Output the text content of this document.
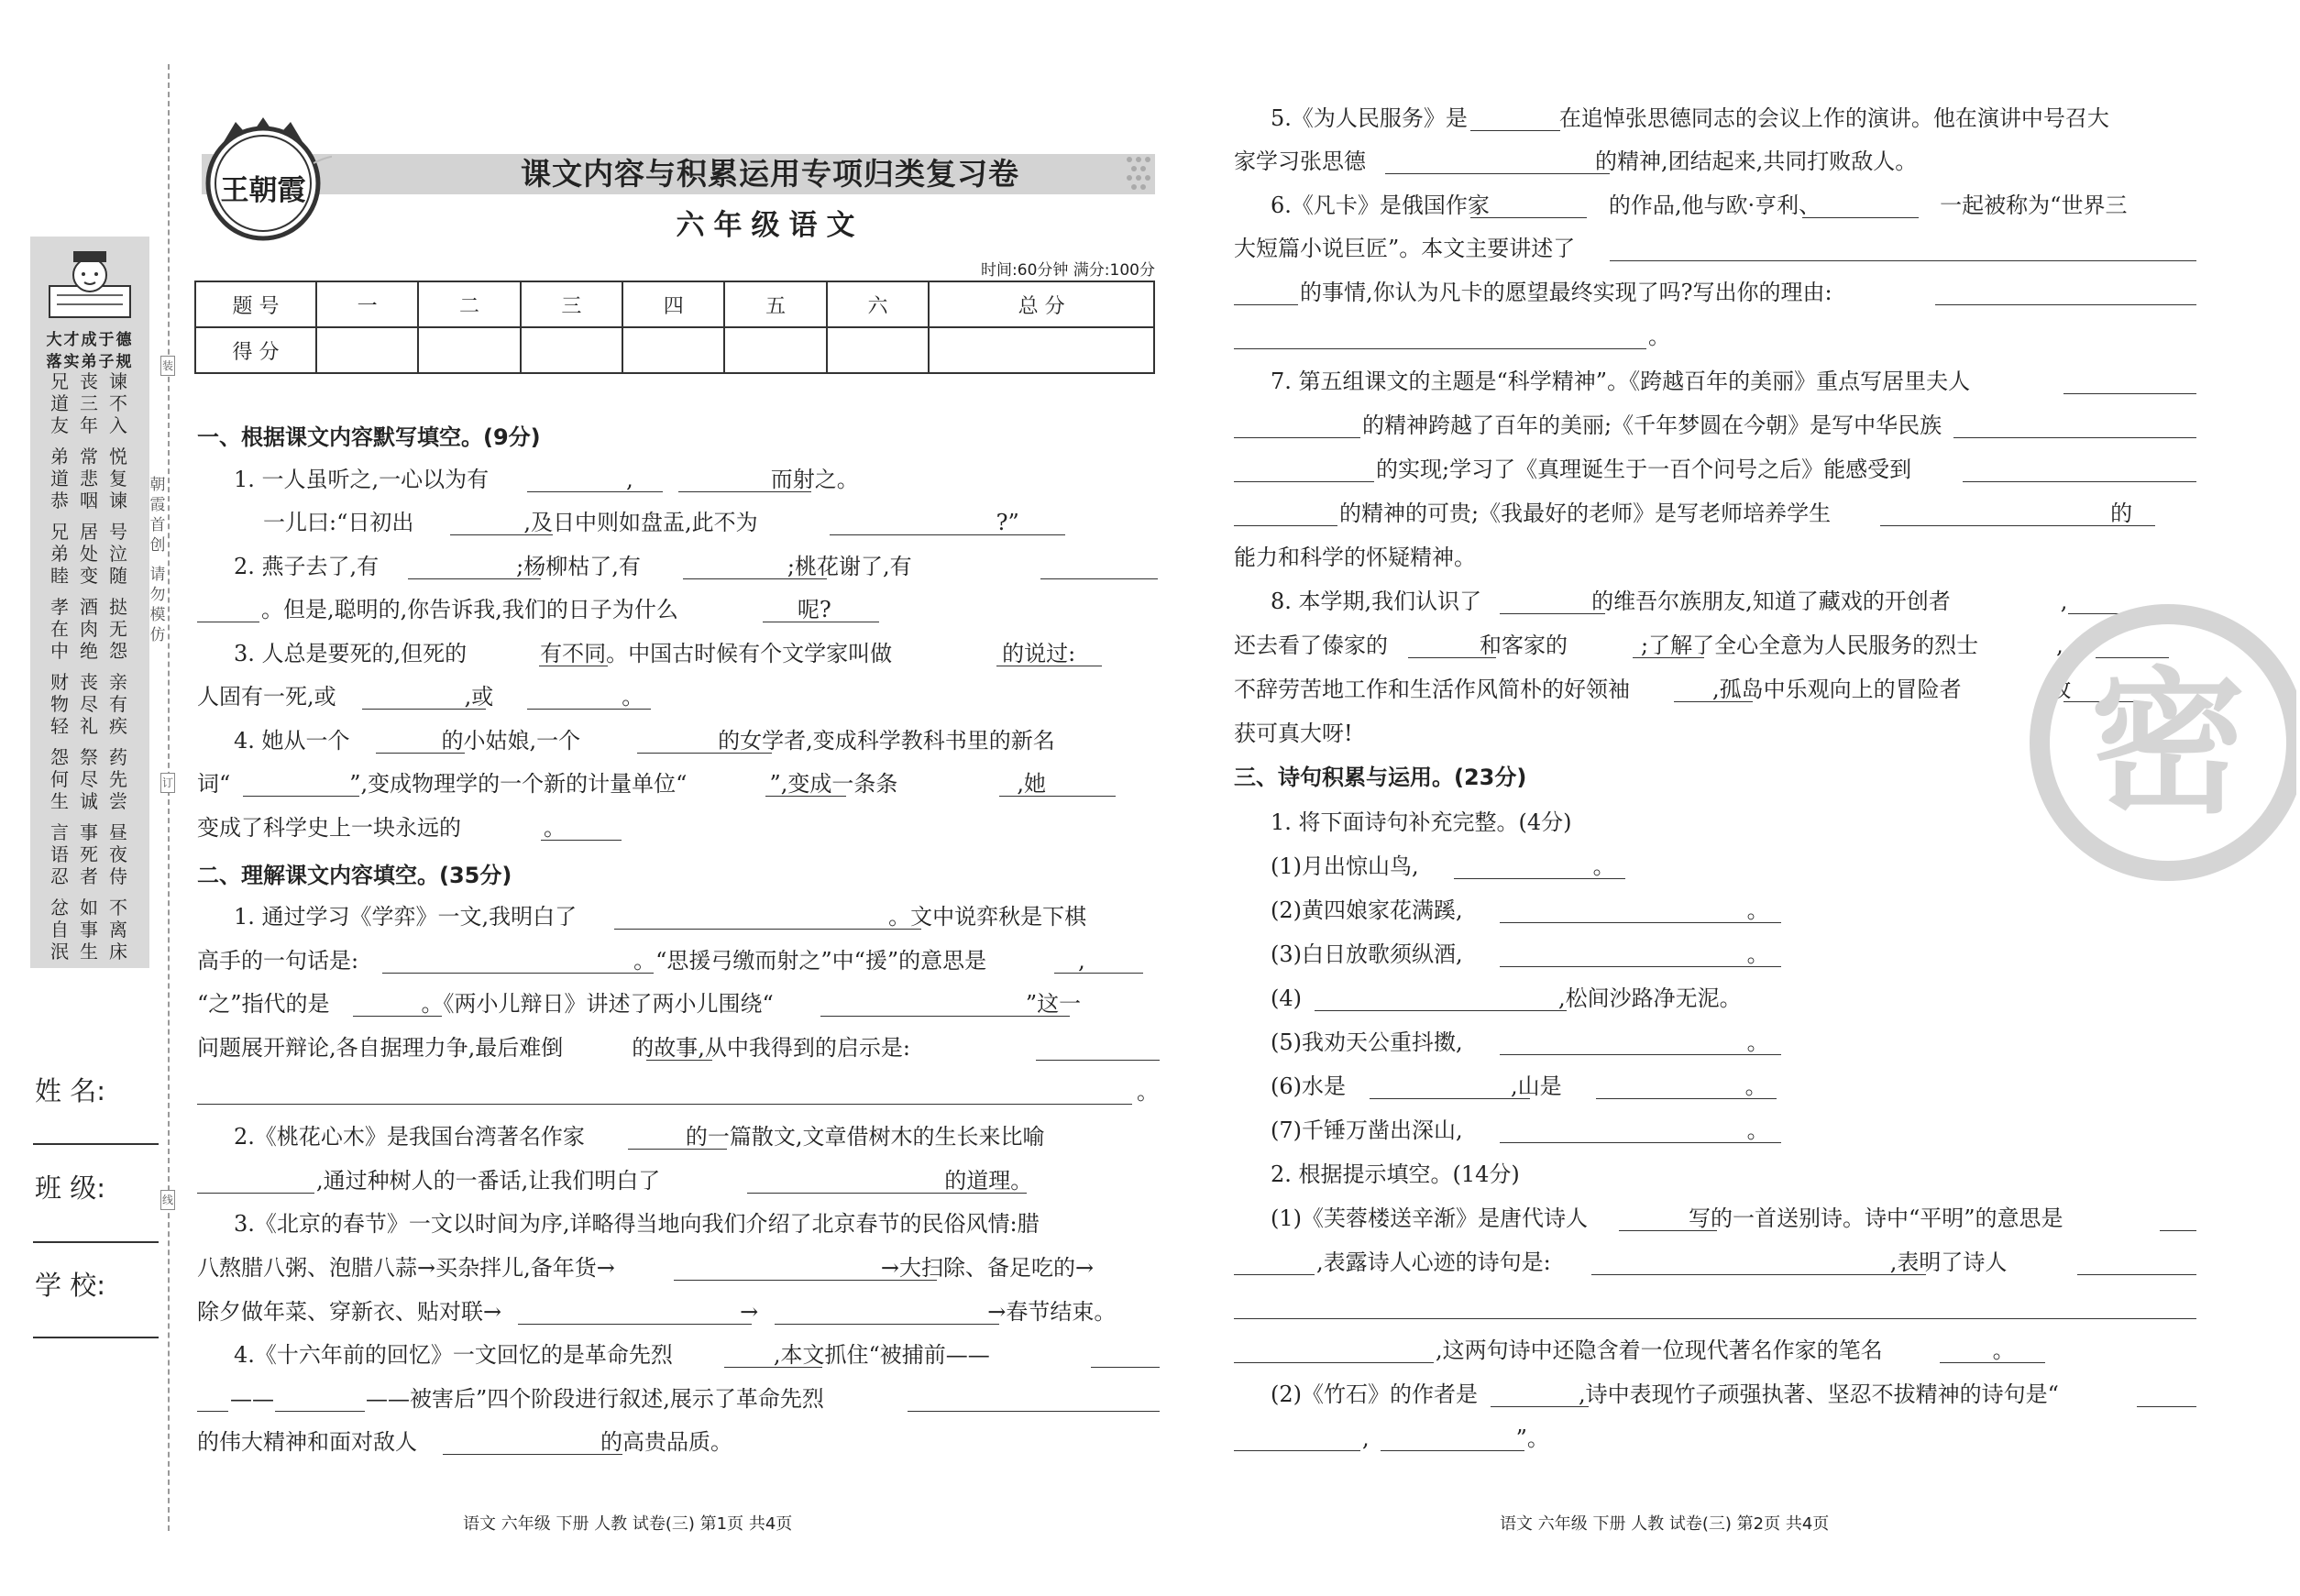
大才成于德
落实弟子规
兄道友
丧三年
谏不入
弟道恭
常悲咽
悦复谏
兄弟睦
居处变
号泣随
孝在中
酒肉绝
挞无怨
财物轻
丧尽礼
亲有疾
怨何生
祭尽诚
药先尝
言语忍
事死者
昼夜侍
忿自泯
如事生
不离床
朝霞首创
请勿模仿
装
订
线
姓 名:
班 级:
学 校:
王朝霞	课文内容与积累运用专项归类复习卷
六年级语文
时间:60分钟 满分:100分
题 号	一	二	三	四	五	六	总 分
得 分							
一、根据课文内容默写填空。(9分)
1. 一人虽听之,一心以为有	,	而射之。
一儿曰:“日初出	,及日中则如盘盂,此不为	?”
2. 燕子去了,有	;杨柳枯了,有	;桃花谢了,有
。但是,聪明的,你告诉我,我们的日子为什么	呢?
3. 人总是要死的,但死的	有不同。中国古时候有个文学家叫做	的说过:
人固有一死,或	,或	。
4. 她从一个	的小姑娘,一个	的女学者,变成科学教科书里的新名
词“	”,变成物理学的一个新的计量单位“	”,变成一条条	,她
变成了科学史上一块永远的	。
二、理解课文内容填空。(35分)
1. 通过学习《学弈》一文,我明白了	。文中说弈秋是下棋
高手的一句话是:	。“思援弓缴而射之”中“援”的意思是	,
“之”指代的是	。《两小儿辩日》讲述了两小儿围绕“	”这一
问题展开辩论,各自据理力争,最后难倒	的故事,从中我得到的启示是:
。
2.《桃花心木》是我国台湾著名作家	的一篇散文,文章借树木的生长来比喻
,通过种树人的一番话,让我们明白了	的道理。
3.《北京的春节》一文以时间为序,详略得当地向我们介绍了北京春节的民俗风情:腊
八熬腊八粥、泡腊八蒜→买杂拌儿,备年货→	→大扫除、备足吃的→
除夕做年菜、穿新衣、贴对联→	→	→春节结束。
4.《十六年前的回忆》一文回忆的是革命先烈	,本文抓住“被捕前——
——	——被害后”四个阶段进行叙述,展示了革命先烈
的伟大精神和面对敌人	的高贵品质。
语文 六年级 下册 人教 试卷(三) 第1页 共4页
5.《为人民服务》是	在追悼张思德同志的会议上作的演讲。他在演讲中号召大
家学习张思德	的精神,团结起来,共同打败敌人。
6.《凡卡》是俄国作家	的作品,他与欧·亨利、	一起被称为“世界三
大短篇小说巨匠”。本文主要讲述了
的事情,你认为凡卡的愿望最终实现了吗?写出你的理由:
。
7. 第五组课文的主题是“科学精神”。《跨越百年的美丽》重点写居里夫人
的精神跨越了百年的美丽;《千年梦圆在今朝》是写中华民族
的实现;学习了《真理诞生于一百个问号之后》能感受到
的精神的可贵;《我最好的老师》是写老师培养学生	的
能力和科学的怀疑精神。
8. 本学期,我们认识了	的维吾尔族朋友,知道了藏戏的开创者	,
还去看了傣家的	和客家的	;了解了全心全意为人民服务的烈士	,
不辞劳苦地工作和生活作风简朴的好领袖	,孤岛中乐观向上的冒险者	,收
获可真大呀!
三、诗句积累与运用。(23分)
1. 将下面诗句补充完整。(4分)
(1)月出惊山鸟,	。
(2)黄四娘家花满蹊,	。
(3)白日放歌须纵酒,	。
(4)	,松间沙路净无泥。
(5)我劝天公重抖擞,	。
(6)水是	,山是	。
(7)千锤万凿出深山,	。
2. 根据提示填空。(14分)
(1)《芙蓉楼送辛渐》是唐代诗人	写的一首送别诗。诗中“平明”的意思是
,表露诗人心迹的诗句是:	,表明了诗人
,这两句诗中还隐含着一位现代著名作家的笔名	。
(2)《竹石》的作者是	,诗中表现竹子顽强执著、坚忍不拔精神的诗句是“
,	”。
语文 六年级 下册 人教 试卷(三) 第2页 共4页
密
